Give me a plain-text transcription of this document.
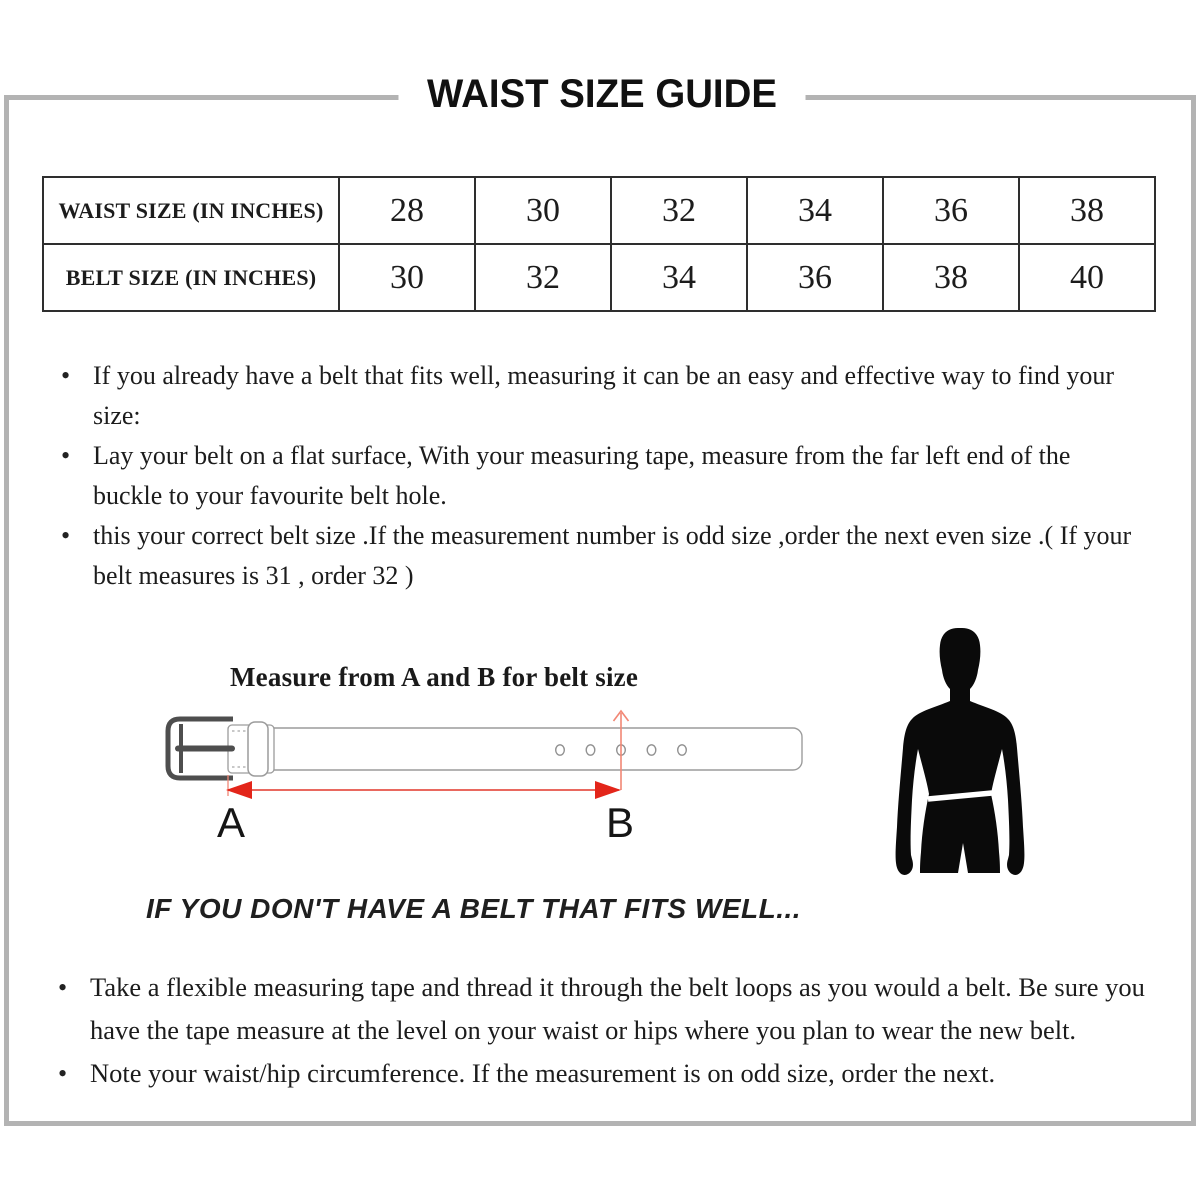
WAIST SIZE GUIDE
WAIST SIZE (IN INCHES)	28	30	32	34	36	38
BELT SIZE (IN INCHES)	30	32	34	36	38	40
• If you already have a belt that fits well, measuring it can be an easy and effective way to find your size:
• Lay your belt on a flat surface, With your measuring tape, measure from the far left end of the buckle to your favourite belt hole.
• this your correct belt size .If the measurement number is odd size ,order the next even size .( If your belt measures is 31 , order 32 )
Measure from A and B for belt size
A	B
IF YOU DON'T HAVE A BELT THAT FITS WELL...
• Take a flexible measuring tape and thread it through the belt loops as you would a belt. Be sure you have the tape measure at the level on your waist or hips where you plan to wear the new belt.
• Note your waist/hip circumference. If the measurement is on odd size, order the next.
